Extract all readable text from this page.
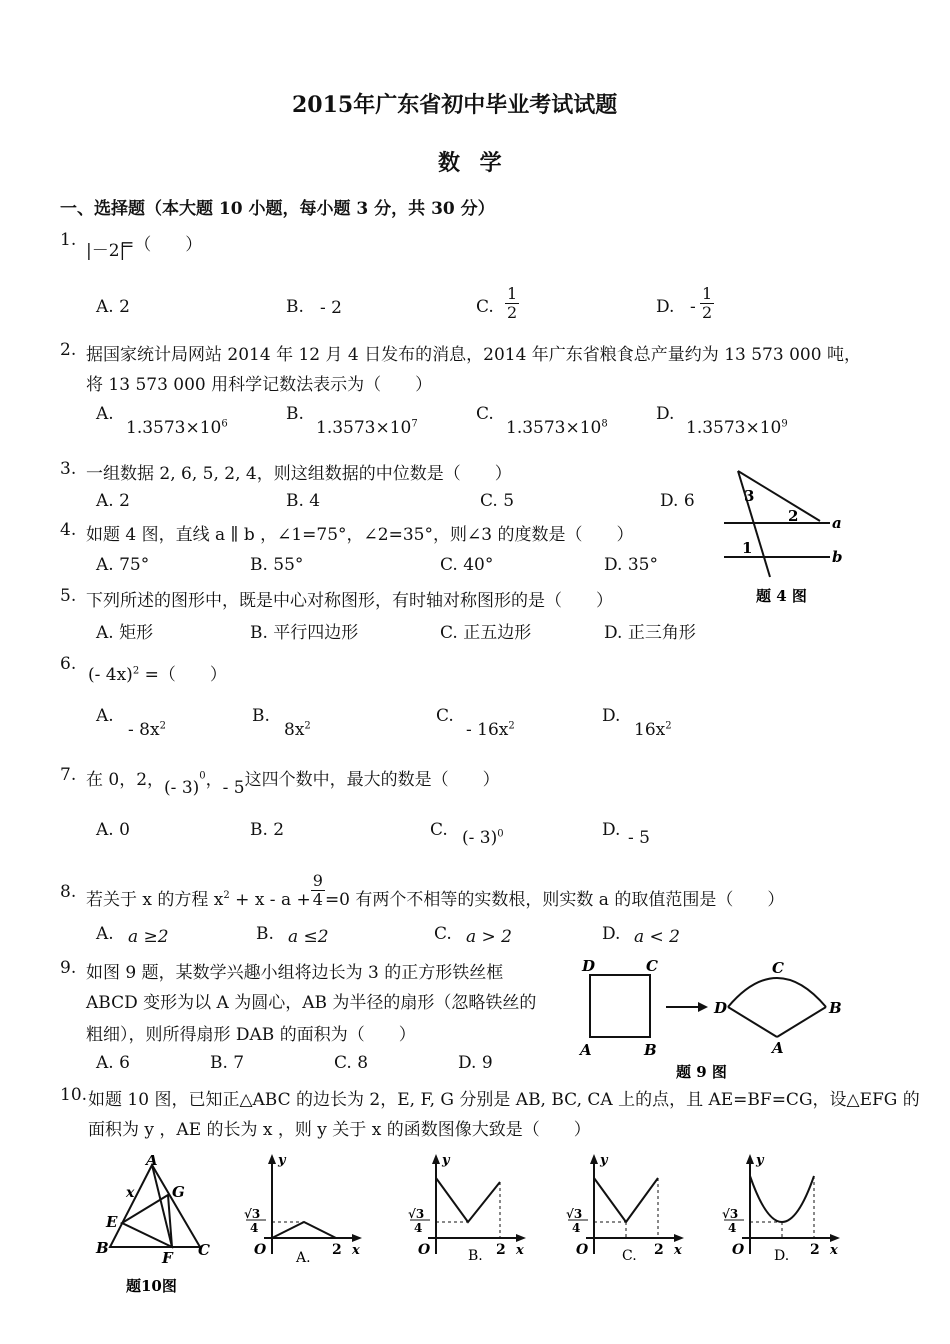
2015年广东省初中毕业考试试题
数 学
一、选择题（本大题 10 小题，每小题 3 分，共 30 分）
1.
|－2|
=（　　）
A. 2	B. - 2	C. $\frac{1}{2}$	D. - $\frac{1}{2}$
2. 据国家统计局网站 2014 年 12 月 4 日发布的消息，2014 年广东省粮食总产量约为 13 573 000 吨，
将 13 573 000 用科学记数法表示为（　　）
A.
$1.3573\times 10^6$	B.
$1.3573\times 10^7$	C.
$1.3573\times 10^8$	D.
$1.3573\times 10^9$
3. 一组数据 2, 6, 5, 2, 4，则这组数据的中位数是（　　）
A. 2	B. 4	C. 5	D. 6
4. 如题 4 图，直线 a ∥ b ，∠1=75°，∠2=35°，则∠3 的度数是（　　）
A. 75°	B. 55°	C. 40°	D. 35°
3
2
1
a
b
题 4 图
5. 下列所述的图形中，既是中心对称图形，有时轴对称图形的是（　　）
A. 矩形	B. 平行四边形	C. 正五边形	D. 正三角形
6.
(- 4x)$^2$ =（　　）
A.
- $8x^2$	B.
$8x^2$	C.
- $16x^2$	D.
$16x^2$
7. 在 0，2，(- 3)$^0$，- 5这四个数中，最大的数是（　　）
A. 0	B. 2	C. (- 3)$^0$	D. - 5
8. 若关于 x 的方程 $x^2 + x - a + \frac{9}{4} =0$ 有两个不相等的实数根，则实数 a 的取值范围是（　　）
A. a ≥2	B. a ≤2	C. a > 2	D. a < 2
9. 如图 9 题，某数学兴趣小组将边长为 3 的正方形铁丝框
ABCD 变形为以 A 为圆心，AB 为半径的扇形（忽略铁丝的
粗细），则所得扇形 DAB 的面积为（　　）
A. 6	B. 7	C. 8	D. 9
D	C
A	B
D
C
B
A
题 9 图
10. 如题 10 图，已知正△ABC 的边长为 2，E, F, G 分别是 AB, BC, CA 上的点，且 AE=BF=CG，设△EFG 的
面积为 y ，AE 的长为 x ，则 y 关于 x 的函数图像大致是（　　）
A
G
x
E
B
F C
题10图
y
x
O	2
√3
4
A.
y
x
O	2
√3
4
B.
y
x
O	2
√3
4
C.
y
x
O	2
√3
4
D.
